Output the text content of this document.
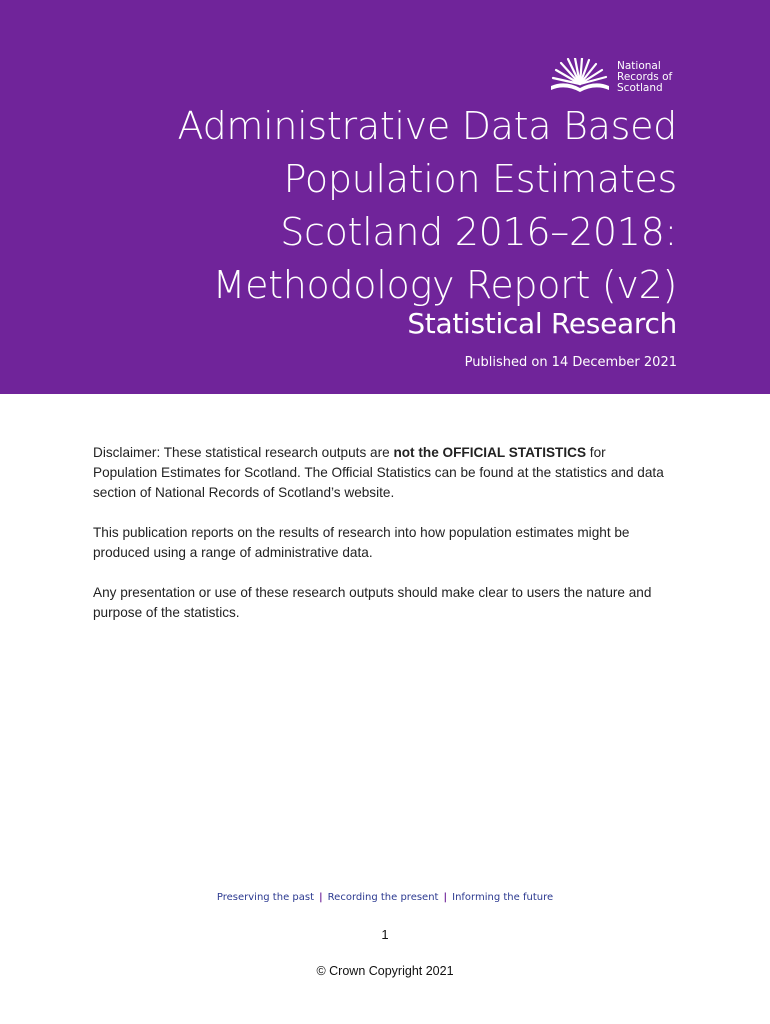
National
Records of
Scotland
Administrative Data Based
Population Estimates
Scotland 2016–2018:
Methodology Report (v2)
Statistical Research
Published on 14 December 2021

Disclaimer: These statistical research outputs are not the OFFICIAL STATISTICS for Population Estimates for Scotland. The Official Statistics can be found at the statistics and data section of National Records of Scotland’s website.

This publication reports on the results of research into how population estimates might be produced using a range of administrative data.

Any presentation or use of these research outputs should make clear to users the nature and purpose of the statistics.

Preserving the past | Recording the present | Informing the future
1
© Crown Copyright 2021
